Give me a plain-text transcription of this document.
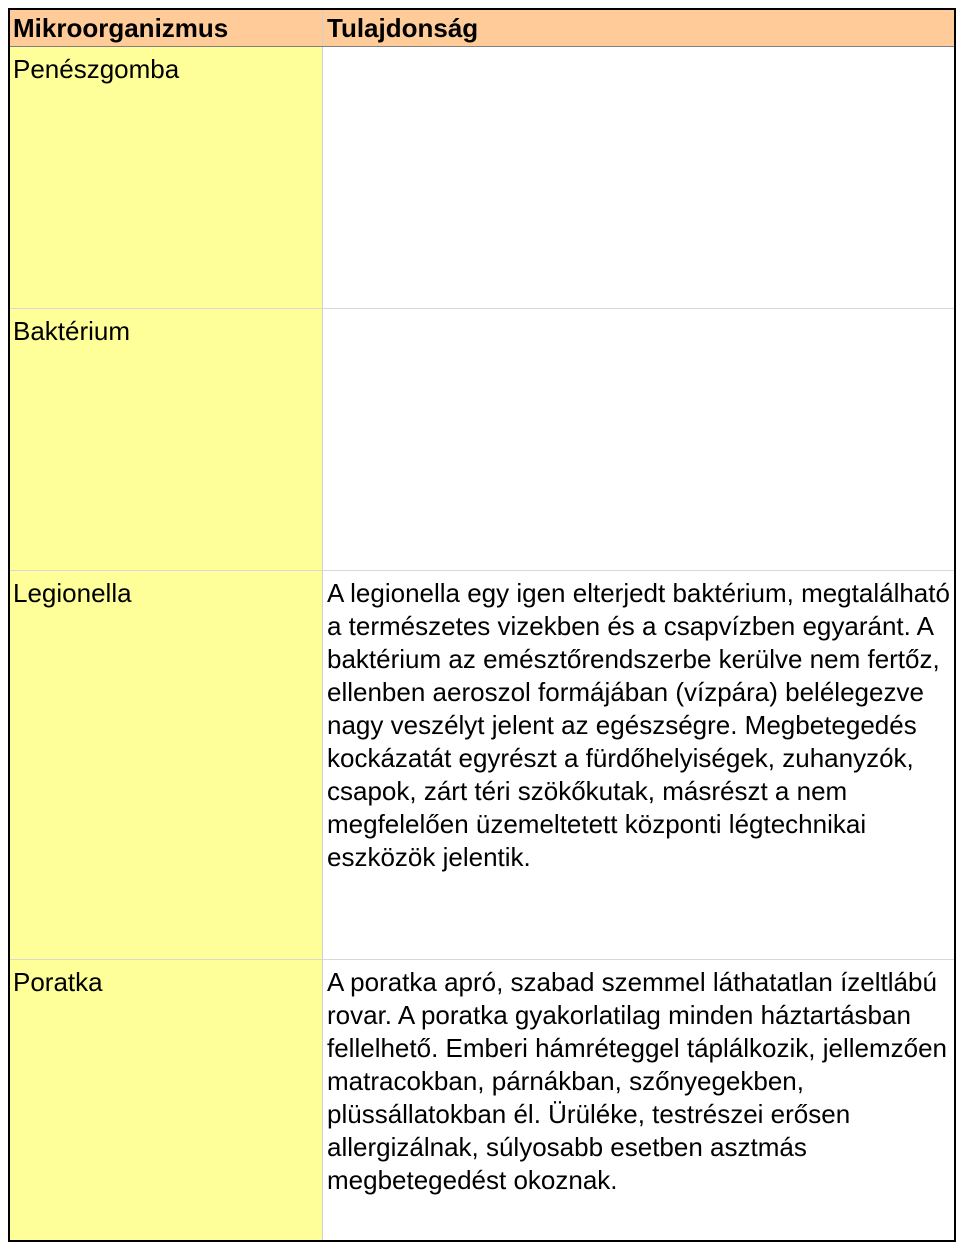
Mikroorganizmus	Tulajdonság
Penészgomba
Baktérium
Legionella	A legionella egy igen elterjedt baktérium, megtalálható a természetes vizekben és a csapvízben egyaránt. A baktérium az emésztőrendszerbe kerülve nem fertőz, ellenben aeroszol formájában (vízpára) belélegezve nagy veszélyt jelent az egészségre. Megbetegedés kockázatát egyrészt a fürdőhelyiségek, zuhanyzók, csapok, zárt téri szökőkutak, másrészt a nem megfelelően üzemeltetett központi légtechnikai eszközök jelentik.
Poratka	A poratka apró, szabad szemmel láthatatlan ízeltlábú rovar. A poratka gyakorlatilag minden háztartásban fellelhető. Emberi hámréteggel táplálkozik, jellemzően matracokban, párnákban, szőnyegekben, plüssállatokban él. Ürüléke, testrészei erősen allergizálnak, súlyosabb esetben asztmás megbetegedést okoznak.
